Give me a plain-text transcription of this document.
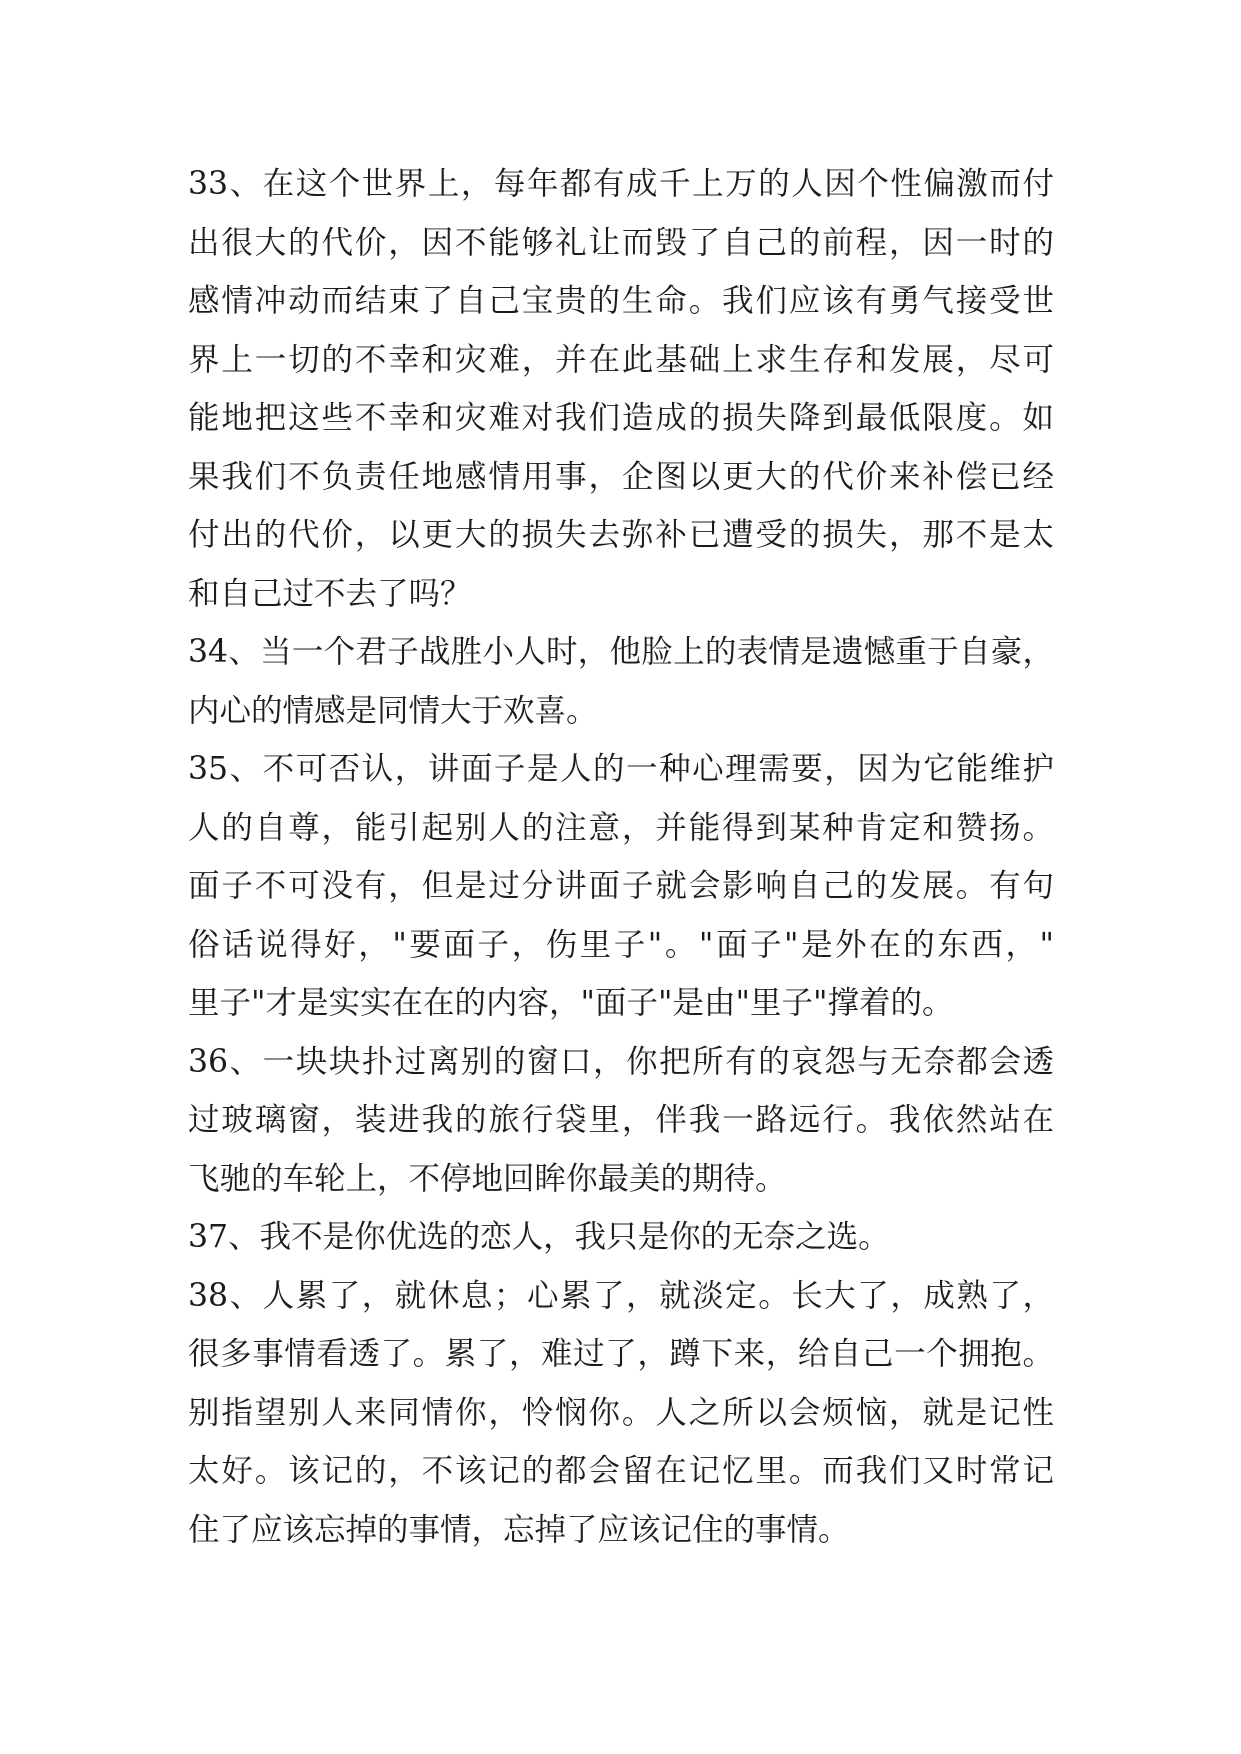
33、在这个世界上，每年都有成千上万的人因个性偏激而付
出很大的代价，因不能够礼让而毁了自己的前程，因一时的
感情冲动而结束了自己宝贵的生命。我们应该有勇气接受世
界上一切的不幸和灾难，并在此基础上求生存和发展，尽可
能地把这些不幸和灾难对我们造成的损失降到最低限度。如
果我们不负责任地感情用事，企图以更大的代价来补偿已经
付出的代价，以更大的损失去弥补已遭受的损失，那不是太
和自己过不去了吗？
34、当一个君子战胜小人时，他脸上的表情是遗憾重于自豪，
内心的情感是同情大于欢喜。
35、不可否认，讲面子是人的一种心理需要，因为它能维护
人的自尊，能引起别人的注意，并能得到某种肯定和赞扬。
面子不可没有，但是过分讲面子就会影响自己的发展。有句
俗话说得好，"要面子，伤里子"。"面子"是外在的东西，"
里子"才是实实在在的内容，"面子"是由"里子"撑着的。
36、一块块扑过离别的窗口，你把所有的哀怨与无奈都会透
过玻璃窗，装进我的旅行袋里，伴我一路远行。我依然站在
飞驰的车轮上，不停地回眸你最美的期待。
37、我不是你优选的恋人，我只是你的无奈之选。
38、人累了，就休息；心累了，就淡定。长大了，成熟了，
很多事情看透了。累了，难过了，蹲下来，给自己一个拥抱。
别指望别人来同情你，怜悯你。人之所以会烦恼，就是记性
太好。该记的，不该记的都会留在记忆里。而我们又时常记
住了应该忘掉的事情，忘掉了应该记住的事情。
